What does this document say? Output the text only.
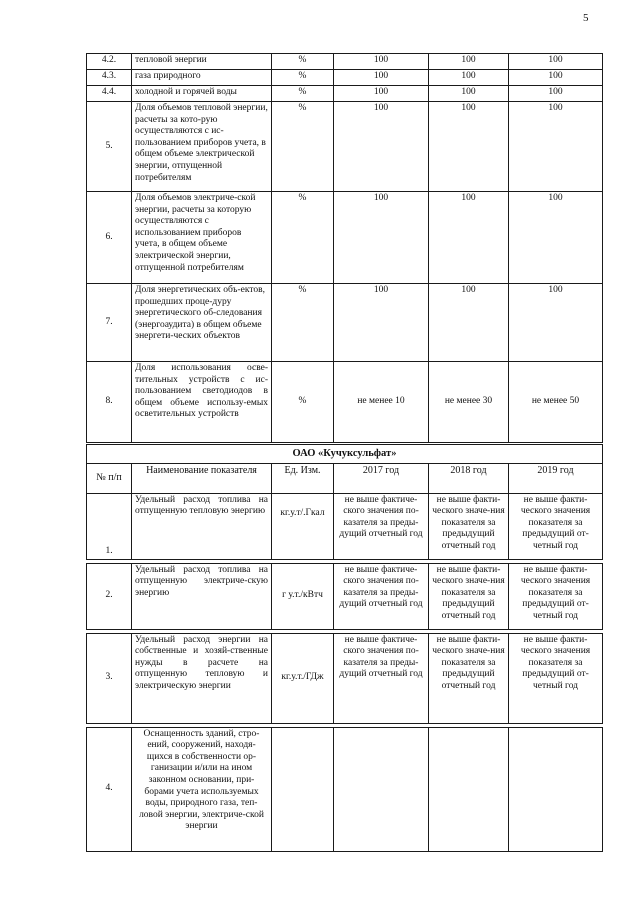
5
4.2.	тепловой энергии	%	100	100	100
4.3.	газа природного	%	100	100	100
4.4.	холодной и горячей воды	%	100	100	100
5.	Доля объемов тепловой энергии, расчеты за кото-рую осуществляются с ис-пользованием приборов учета, в общем объеме электрической энергии, отпущенной потребителям	%	100	100	100
6.	Доля объемов электриче-ской энергии, расчеты за которую осуществляются с использованием приборов учета, в общем объеме электрической энергии, отпущенной потребителям	%	100	100	100
7.	Доля энергетических объ-ектов, прошедших проце-дуру энергетического об-следования (энергоаудита) в общем объеме энергети-ческих объектов	%	100	100	100
8.	Доля использования осве-тительных устройств с ис-пользованием светодиодов в общем объеме использу-емых осветительных устройств	%	не менее 10	не менее 30	не менее 50
ОАО «Кучуксульфат»					
№ п/п	Наименование показателя	Ед. Изм.	2017 год	2018 год	2019 год
1.	Удельный расход топлива на отпущенную тепловую энергию	кг.у.т/.Гкал	не выше фактиче-ского значения по-казателя за преды-дущий отчетный год	не выше факти-ческого значе-ния показателя за предыдущий отчетный год	не выше факти-ческого значения показателя за предыдущий от-четный год

2.	Удельный расход топлива на отпущенную электриче-скую энергию	г у.т./кВтч	не выше фактиче-ского значения по-казателя за преды-дущий отчетный год	не выше факти-ческого значе-ния показателя за предыдущий отчетный год	не выше факти-ческого значения показателя за предыдущий от-четный год

3.	Удельный расход энергии на собственные и хозяй-ственные нужды в расчете на отпущенную тепловую и электрическую энергии	кг.у.т./ГДж	не выше фактиче-ского значения по-казателя за преды-дущий отчетный год	не выше факти-ческого значе-ния показателя за предыдущий отчетный год	не выше факти-ческого значения показателя за предыдущий от-четный год

4.	Оснащенность зданий, стро-ений, сооружений, находя-щихся в собственности ор-ганизации и/или на ином законном основании, при-борами учета используемых воды, природного газа, теп-ловой энергии, электриче-ской энергии				
